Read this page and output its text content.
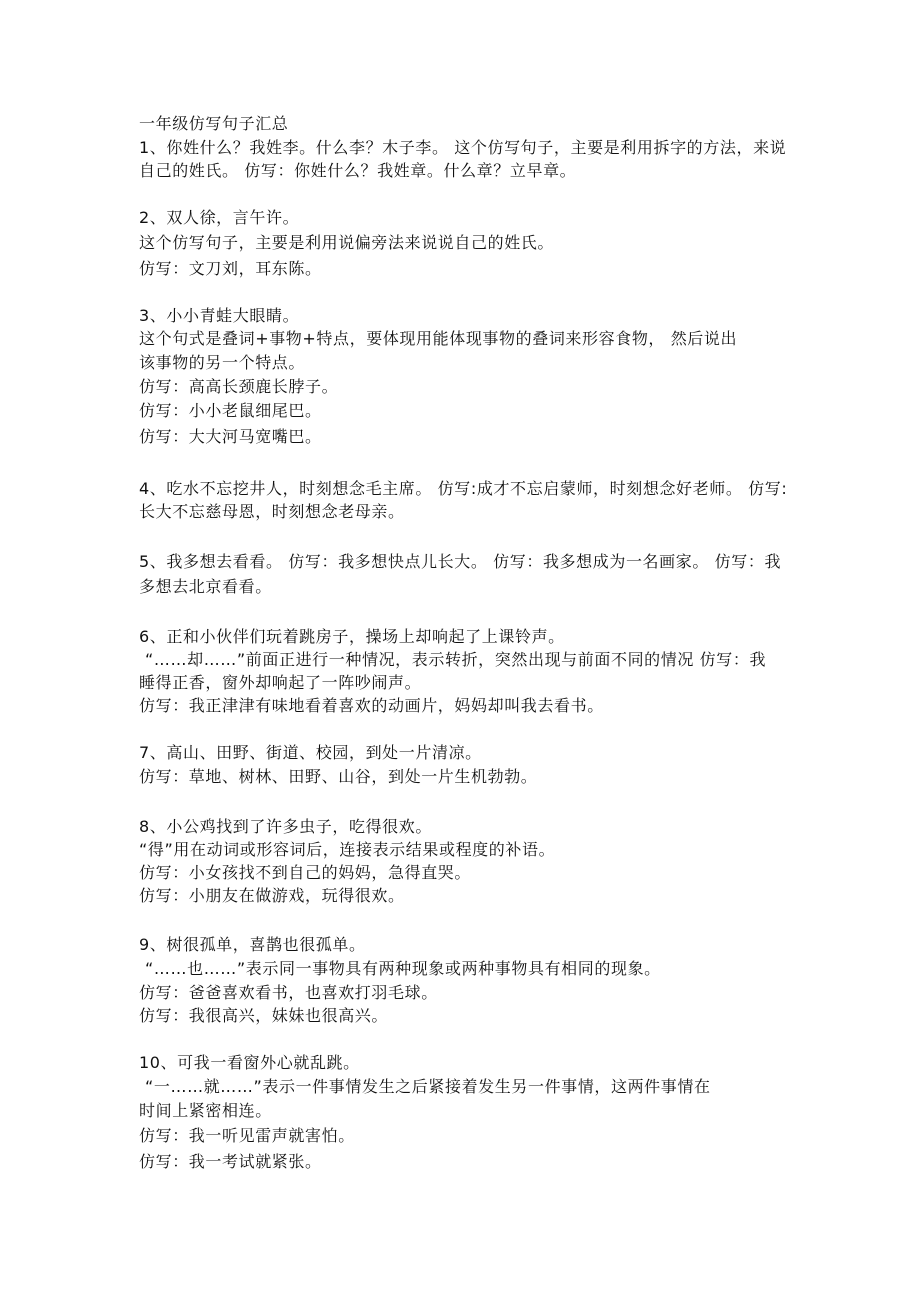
一年级仿写句子汇总
1、你姓什么？我姓李。什么李？木子李。 这个仿写句子，主要是利用拆字的方法，来说
自己的姓氏。 仿写：你姓什么？我姓章。什么章？立早章。
2、双人徐，言午许。
这个仿写句子，主要是利用说偏旁法来说说自己的姓氏。
仿写：文刀刘，耳东陈。
3、小小青蛙大眼睛。
这个句式是叠词+事物+特点，要体现用能体现事物的叠词来形容食物， 然后说出
该事物的另一个特点。
仿写：高高长颈鹿长脖子。
仿写：小小老鼠细尾巴。
仿写：大大河马宽嘴巴。
4、吃水不忘挖井人，时刻想念毛主席。 仿写:成才不忘启蒙师，时刻想念好老师。 仿写:
长大不忘慈母恩，时刻想念老母亲。
5、我多想去看看。 仿写：我多想快点儿长大。 仿写：我多想成为一名画家。 仿写：我
多想去北京看看。
6、正和小伙伴们玩着跳房子，操场上却响起了上课铃声。
“……却……”前面正进行一种情况，表示转折，突然出现与前面不同的情况 仿写：我
睡得正香，窗外却响起了一阵吵闹声。
仿写：我正津津有味地看着喜欢的动画片，妈妈却叫我去看书。
7、高山、田野、街道、校园，到处一片清凉。
仿写：草地、树林、田野、山谷，到处一片生机勃勃。
8、小公鸡找到了许多虫子，吃得很欢。
“得”用在动词或形容词后，连接表示结果或程度的补语。
仿写：小女孩找不到自己的妈妈，急得直哭。
仿写：小朋友在做游戏，玩得很欢。
9、树很孤单，喜鹊也很孤单。
“……也……”表示同一事物具有两种现象或两种事物具有相同的现象。
仿写：爸爸喜欢看书，也喜欢打羽毛球。
仿写：我很高兴，妹妹也很高兴。
10、可我一看窗外心就乱跳。
“一……就……”表示一件事情发生之后紧接着发生另一件事情，这两件事情在
时间上紧密相连。
仿写：我一听见雷声就害怕。
仿写：我一考试就紧张。
